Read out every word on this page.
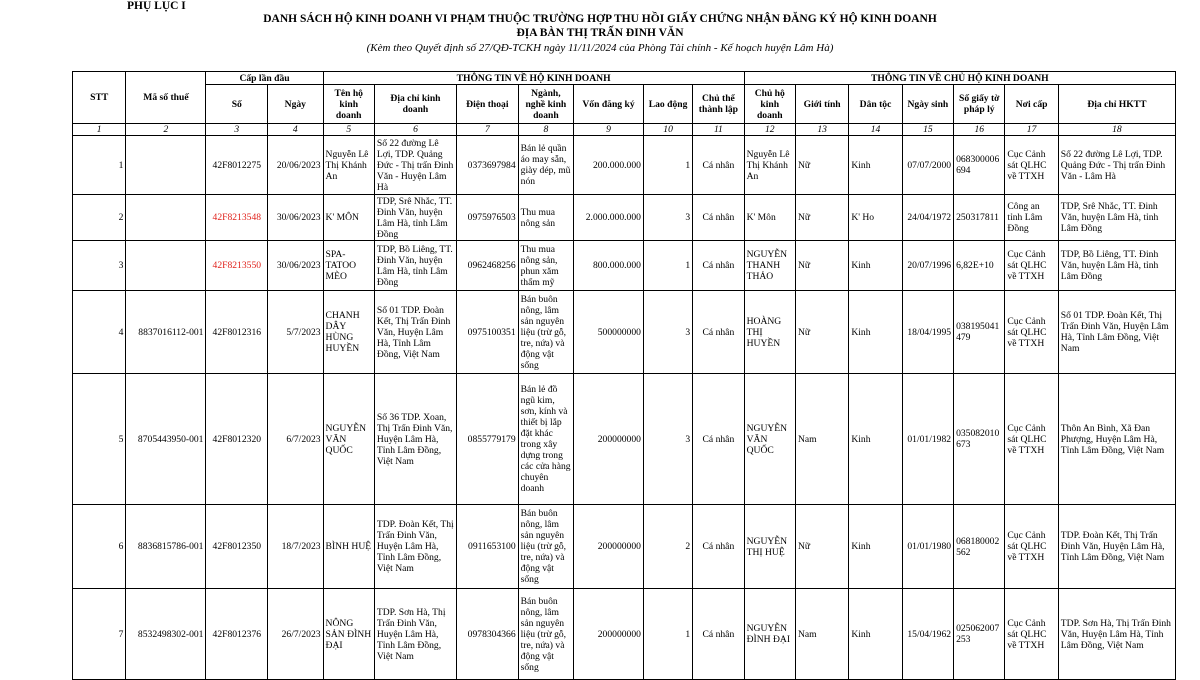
PHỤ LỤC I
DANH SÁCH HỘ KINH DOANH VI PHẠM THUỘC TRƯỜNG HỢP THU HỒI GIẤY CHỨNG NHẬN ĐĂNG KÝ HỘ KINH DOANH
ĐỊA BÀN THỊ TRẤN ĐINH VĂN
(Kèm theo Quyết định số 27/QĐ-TCKH ngày 11/11/2024 của Phòng Tài chính - Kế hoạch huyện Lâm Hà)
STT	Mã số thuế	Cấp lần đầu		THÔNG TIN VỀ HỘ KINH DOANH							THÔNG TIN VỀ CHỦ HỘ KINH DOANH						
		Số	Ngày	Tên hộ kinh doanh	Địa chỉ kinh doanh	Điện thoại	Ngành, nghề kinh doanh	Vốn đăng ký	Lao động	Chủ thể thành lập	Chủ hộ kinh doanh	Giới tính	Dân tộc	Ngày sinh	Số giấy tờ pháp lý	Nơi cấp	Địa chỉ HKTT
1	2	3	4	5	6	7	8	9	10	11	12	13	14	15	16	17	18
1		42F8012275	20/06/2023	Nguyễn Lê Thị Khánh An	Số 22 đường Lê Lợi, TDP. Quảng Đức - Thị trấn Đinh Văn - Huyện Lâm Hà	0373697984	Bán lẻ quần áo may sẵn, giày dép, mũ nón	200.000.000	1	Cá nhân	Nguyễn Lê Thị Khánh An	Nữ	Kinh	07/07/2000	068300006694	Cục Cảnh sát QLHC về TTXH	Số 22 đường Lê Lợi, TDP. Quảng Đức - Thị trấn Đinh Văn - Lâm Hà
2		42F8213548	30/06/2023	K' MÔN	TDP, Srê Nhắc, TT. Đinh Văn, huyện Lâm Hà, tỉnh Lâm Đồng	0975976503	Thu mua nông sản	2.000.000.000	3	Cá nhân	K' Môn	Nữ	K' Ho	24/04/1972	250317811	Công an tỉnh Lâm Đồng	TDP, Srê Nhắc, TT. Đinh Văn, huyện Lâm Hà, tỉnh Lâm Đồng
3		42F8213550	30/06/2023	SPA-TATOO MÈO	TDP, Bồ Liêng, TT. Đinh Văn, huyện Lâm Hà, tỉnh Lâm Đồng	0962468256	Thu mua nông sản, phun xăm thẩm mỹ	800.000.000	1	Cá nhân	NGUYỄN THANH THẢO	Nữ	Kinh	20/07/1996	6,82E+10	Cục Cảnh sát QLHC về TTXH	TDP, Bồ Liêng, TT. Đinh Văn, huyện Lâm Hà, tỉnh Lâm Đồng
4	8837016112-001	42F8012316	5/7/2023	CHANH DÂY HÙNG HUYỀN	Số 01 TDP. Đoàn Kết, Thị Trấn Đinh Văn, Huyện Lâm Hà, Tỉnh Lâm Đồng, Việt Nam	0975100351	Bán buôn nông, lâm sản nguyên liệu (trừ gỗ, tre, nứa) và động vật sống	500000000	3	Cá nhân	HOÀNG THỊ HUYỀN	Nữ	Kinh	18/04/1995	038195041479	Cục Cảnh sát QLHC về TTXH	Số 01 TDP. Đoàn Kết, Thị Trấn Đinh Văn, Huyện Lâm Hà, Tỉnh Lâm Đồng, Việt Nam
5	8705443950-001	42F8012320	6/7/2023	NGUYỄN VĂN QUỐC	Số 36 TDP. Xoan, Thị Trấn Đinh Văn, Huyện Lâm Hà, Tỉnh Lâm Đồng, Việt Nam	0855779179	Bán lẻ đồ ngũ kim, sơn, kính và thiết bị lắp đặt khác trong xây dựng trong các cửa hàng chuyên doanh	200000000	3	Cá nhân	NGUYỄN VĂN QUỐC	Nam	Kinh	01/01/1982	035082010673	Cục Cảnh sát QLHC về TTXH	Thôn An Bình, Xã Đan Phượng, Huyện Lâm Hà, Tỉnh Lâm Đồng, Việt Nam
6	8836815786-001	42F8012350	18/7/2023	BÌNH HUỆ	TDP. Đoàn Kết, Thị Trấn Đinh Văn, Huyện Lâm Hà, Tỉnh Lâm Đồng, Việt Nam	0911653100	Bán buôn nông, lâm sản nguyên liệu (trừ gỗ, tre, nứa) và động vật sống	200000000	2	Cá nhân	NGUYỄN THỊ HUỆ	Nữ	Kinh	01/01/1980	068180002562	Cục Cảnh sát QLHC về TTXH	TDP. Đoàn Kết, Thị Trấn Đinh Văn, Huyện Lâm Hà, Tỉnh Lâm Đồng, Việt Nam
7	8532498302-001	42F8012376	26/7/2023	NÔNG SẢN ĐÌNH ĐẠI	TDP. Sơn Hà, Thị Trấn Đinh Văn, Huyện Lâm Hà, Tỉnh Lâm Đồng, Việt Nam	0978304366	Bán buôn nông, lâm sản nguyên liệu (trừ gỗ, tre, nứa) và động vật sống	200000000	1	Cá nhân	NGUYỄN ĐÌNH ĐẠI	Nam	Kinh	15/04/1962	025062007253	Cục Cảnh sát QLHC về TTXH	TDP. Sơn Hà, Thị Trấn Đinh Văn, Huyện Lâm Hà, Tỉnh Lâm Đồng, Việt Nam
